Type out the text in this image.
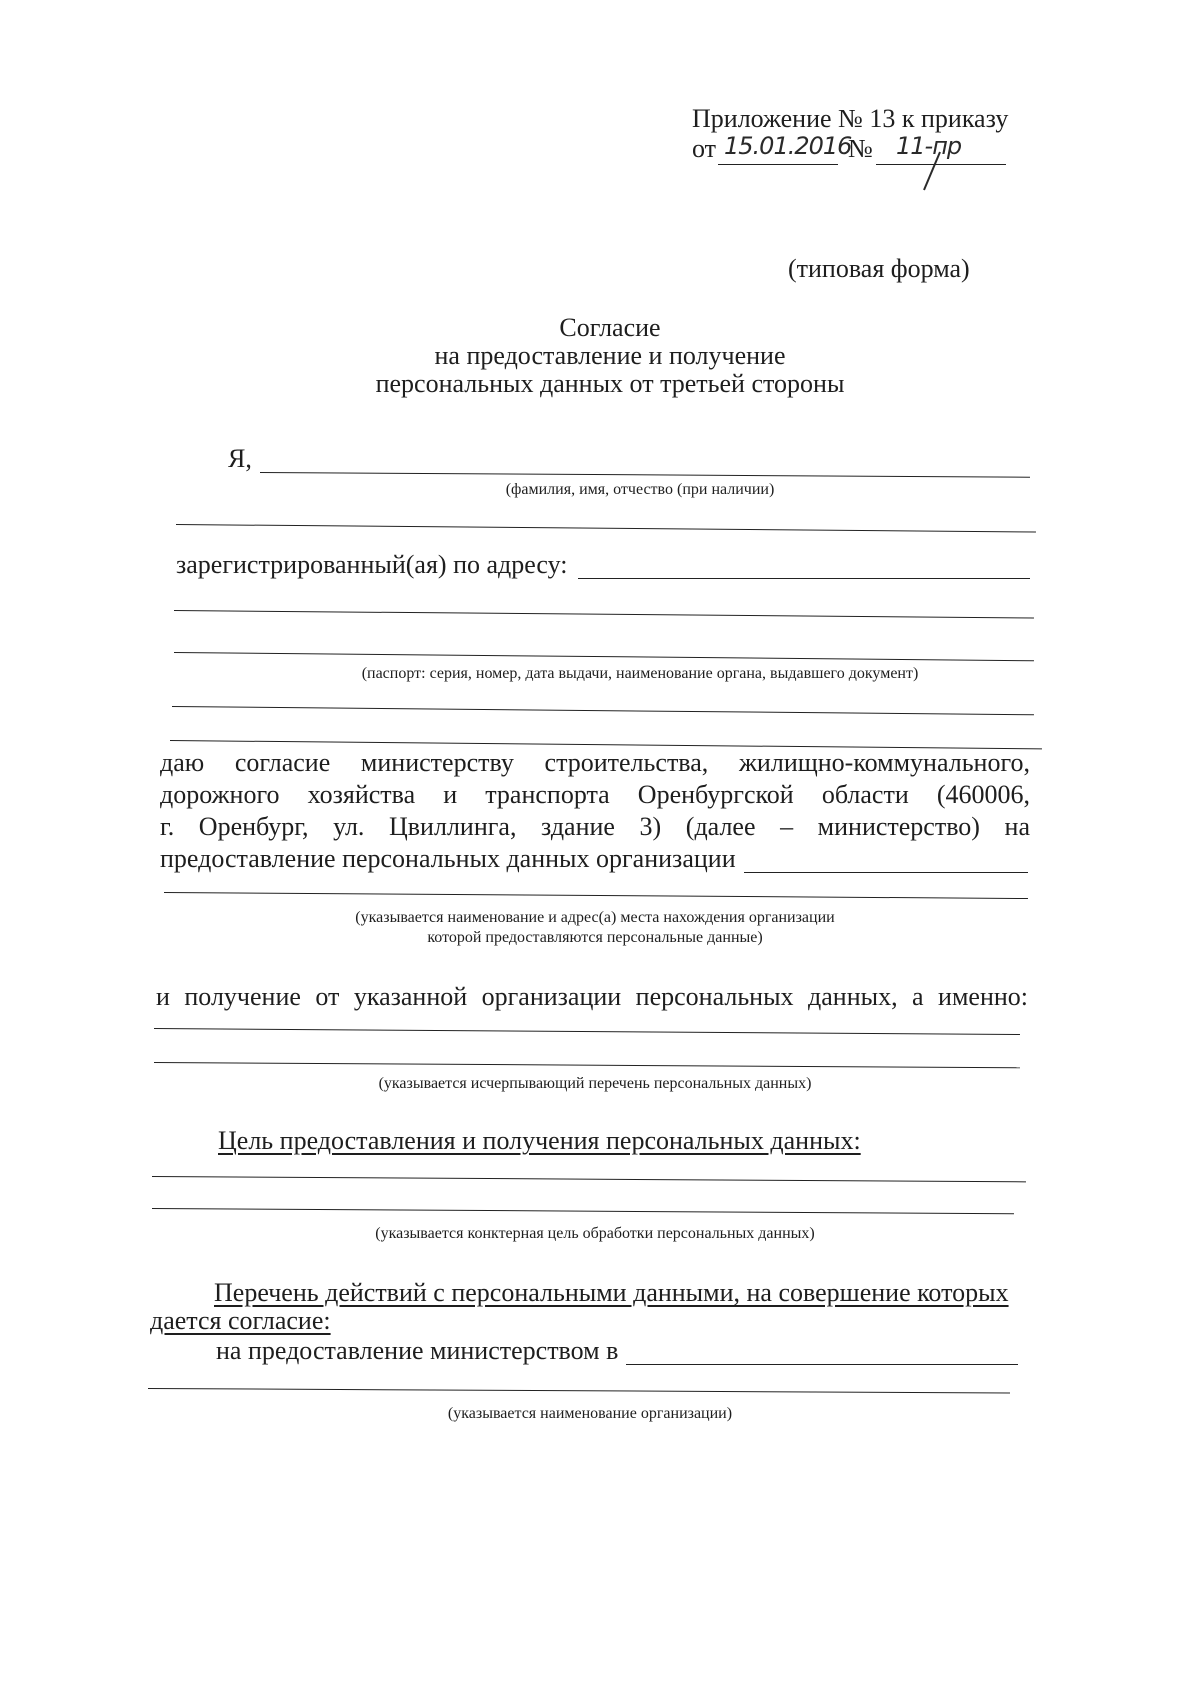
Приложение № 13 к приказу
от 15.01.2016
№ 11-пр
(типовая форма)
Согласие
на предоставление и получение
персональных данных от третьей стороны
Я,
(фамилия, имя, отчество (при наличии)
зарегистрированный(ая) по адресу:
(паспорт: серия, номер, дата выдачи, наименование органа, выдавшего документ)
даю согласие министерству строительства, жилищно-коммунального,
дорожного хозяйства и транспорта Оренбургской области (460006,
г. Оренбург, ул. Цвиллинга, здание 3) (далее – министерство) на
предоставление персональных данных организации
(указывается наименование и адрес(а) места нахождения организации
которой предоставляются персональные данные)
и получение от указанной организации персональных данных, а именно:
(указывается исчерпывающий перечень персональных данных)
Цель предоставления и получения персональных данных:
(указывается конктерная цель обработки персональных данных)
Перечень действий с персональными данными, на совершение которых
дается согласие:
на предоставление министерством в
(указывается наименование организации)
